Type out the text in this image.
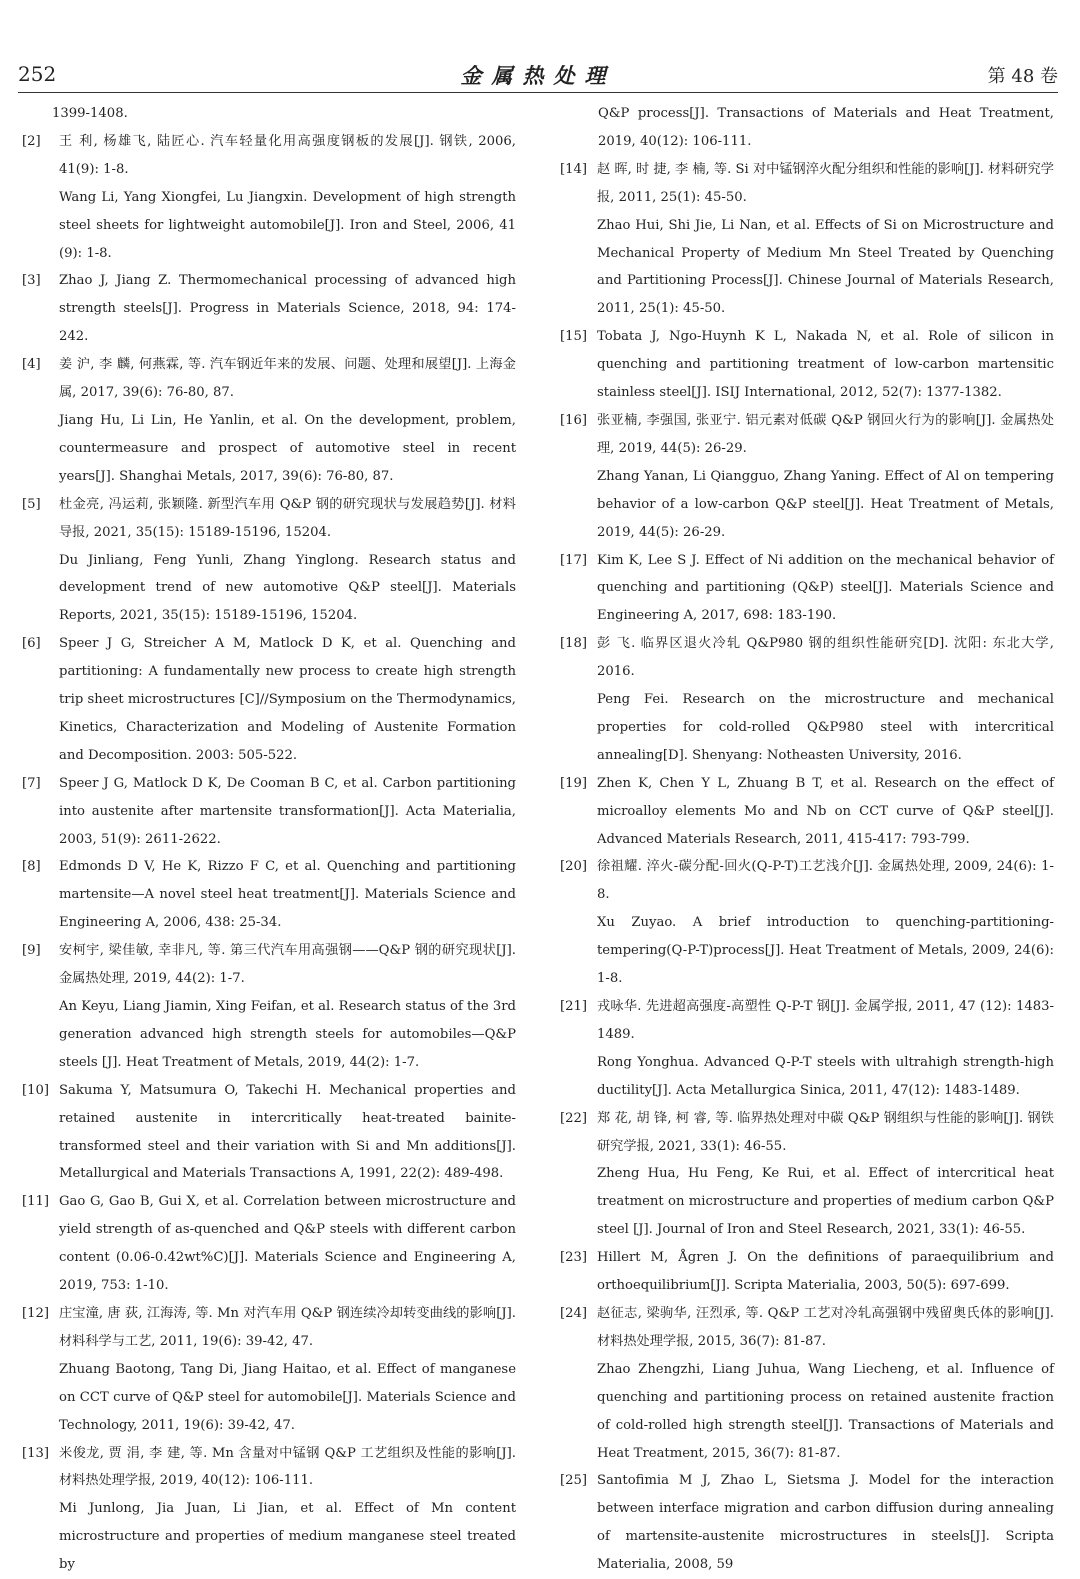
252	金属热处理	第 48 卷

1399-1408.

[2] 王 利, 杨雄飞, 陆匠心. 汽车轻量化用高强度钢板的发展[J]. 钢铁, 2006, 41(9): 1-8.

Wang Li, Yang Xiongfei, Lu Jiangxin. Development of high strength steel sheets for lightweight automobile[J]. Iron and Steel, 2006, 41 (9): 1-8.

[3] Zhao J, Jiang Z. Thermomechanical processing of advanced high strength steels[J]. Progress in Materials Science, 2018, 94: 174-242.

[4] 姜 沪, 李 麟, 何燕霖, 等. 汽车钢近年来的发展、问题、处理和展望[J]. 上海金属, 2017, 39(6): 76-80, 87.

Jiang Hu, Li Lin, He Yanlin, et al. On the development, problem, countermeasure and prospect of automotive steel in recent years[J]. Shanghai Metals, 2017, 39(6): 76-80, 87.

[5] 杜金亮, 冯运莉, 张颖隆. 新型汽车用 Q&P 钢的研究现状与发展趋势[J]. 材料导报, 2021, 35(15): 15189-15196, 15204.

Du Jinliang, Feng Yunli, Zhang Yinglong. Research status and development trend of new automotive Q&P steel[J]. Materials Reports, 2021, 35(15): 15189-15196, 15204.

[6] Speer J G, Streicher A M, Matlock D K, et al. Quenching and partitioning: A fundamentally new process to create high strength trip sheet microstructures [C]//Symposium on the Thermodynamics, Kinetics, Characterization and Modeling of Austenite Formation and Decomposition. 2003: 505-522.

[7] Speer J G, Matlock D K, De Cooman B C, et al. Carbon partitioning into austenite after martensite transformation[J]. Acta Materialia, 2003, 51(9): 2611-2622.

[8] Edmonds D V, He K, Rizzo F C, et al. Quenching and partitioning martensite—A novel steel heat treatment[J]. Materials Science and Engineering A, 2006, 438: 25-34.

[9] 安柯宇, 梁佳敏, 幸非凡, 等. 第三代汽车用高强钢——Q&P 钢的研究现状[J]. 金属热处理, 2019, 44(2): 1-7.

An Keyu, Liang Jiamin, Xing Feifan, et al. Research status of the 3rd generation advanced high strength steels for automobiles—Q&P steels [J]. Heat Treatment of Metals, 2019, 44(2): 1-7.

[10] Sakuma Y, Matsumura O, Takechi H. Mechanical properties and retained austenite in intercritically heat-treated bainite-transformed steel and their variation with Si and Mn additions[J]. Metallurgical and Materials Transactions A, 1991, 22(2): 489-498.

[11] Gao G, Gao B, Gui X, et al. Correlation between microstructure and yield strength of as-quenched and Q&P steels with different carbon content (0.06-0.42wt%C)[J]. Materials Science and Engineering A, 2019, 753: 1-10.

[12] 庄宝潼, 唐 荻, 江海涛, 等. Mn 对汽车用 Q&P 钢连续冷却转变曲线的影响[J]. 材料科学与工艺, 2011, 19(6): 39-42, 47.

Zhuang Baotong, Tang Di, Jiang Haitao, et al. Effect of manganese on CCT curve of Q&P steel for automobile[J]. Materials Science and Technology, 2011, 19(6): 39-42, 47.

[13] 米俊龙, 贾 涓, 李 建, 等. Mn 含量对中锰钢 Q&P 工艺组织及性能的影响[J]. 材料热处理学报, 2019, 40(12): 106-111.

Mi Junlong, Jia Juan, Li Jian, et al. Effect of Mn content microstructure and properties of medium manganese steel treated by

Q&P process[J]. Transactions of Materials and Heat Treatment, 2019, 40(12): 106-111.

[14] 赵 晖, 时 捷, 李 楠, 等. Si 对中锰钢淬火配分组织和性能的影响[J]. 材料研究学报, 2011, 25(1): 45-50.

Zhao Hui, Shi Jie, Li Nan, et al. Effects of Si on Microstructure and Mechanical Property of Medium Mn Steel Treated by Quenching and Partitioning Process[J]. Chinese Journal of Materials Research, 2011, 25(1): 45-50.

[15] Tobata J, Ngo-Huynh K L, Nakada N, et al. Role of silicon in quenching and partitioning treatment of low-carbon martensitic stainless steel[J]. ISIJ International, 2012, 52(7): 1377-1382.

[16] 张亚楠, 李强国, 张亚宁. 铝元素对低碳 Q&P 钢回火行为的影响[J]. 金属热处理, 2019, 44(5): 26-29.

Zhang Yanan, Li Qiangguo, Zhang Yaning. Effect of Al on tempering behavior of a low-carbon Q&P steel[J]. Heat Treatment of Metals, 2019, 44(5): 26-29.

[17] Kim K, Lee S J. Effect of Ni addition on the mechanical behavior of quenching and partitioning (Q&P) steel[J]. Materials Science and Engineering A, 2017, 698: 183-190.

[18] 彭 飞. 临界区退火冷轧 Q&P980 钢的组织性能研究[D]. 沈阳: 东北大学, 2016.

Peng Fei. Research on the microstructure and mechanical properties for cold-rolled Q&P980 steel with intercritical annealing[D]. Shenyang: Notheasten University, 2016.

[19] Zhen K, Chen Y L, Zhuang B T, et al. Research on the effect of microalloy elements Mo and Nb on CCT curve of Q&P steel[J]. Advanced Materials Research, 2011, 415-417: 793-799.

[20] 徐祖耀. 淬火-碳分配-回火(Q-P-T)工艺浅介[J]. 金属热处理, 2009, 24(6): 1-8.

Xu Zuyao. A brief introduction to quenching-partitioning-tempering(Q-P-T)process[J]. Heat Treatment of Metals, 2009, 24(6): 1-8.

[21] 戎咏华. 先进超高强度-高塑性 Q-P-T 钢[J]. 金属学报, 2011, 47 (12): 1483-1489.

Rong Yonghua. Advanced Q-P-T steels with ultrahigh strength-high ductility[J]. Acta Metallurgica Sinica, 2011, 47(12): 1483-1489.

[22] 郑 花, 胡 锋, 柯 睿, 等. 临界热处理对中碳 Q&P 钢组织与性能的影响[J]. 钢铁研究学报, 2021, 33(1): 46-55.

Zheng Hua, Hu Feng, Ke Rui, et al. Effect of intercritical heat treatment on microstructure and properties of medium carbon Q&P steel [J]. Journal of Iron and Steel Research, 2021, 33(1): 46-55.

[23] Hillert M, Ågren J. On the definitions of paraequilibrium and orthoequilibrium[J]. Scripta Materialia, 2003, 50(5): 697-699.

[24] 赵征志, 梁驹华, 汪烈承, 等. Q&P 工艺对冷轧高强钢中残留奥氏体的影响[J]. 材料热处理学报, 2015, 36(7): 81-87.

Zhao Zhengzhi, Liang Juhua, Wang Liecheng, et al. Influence of quenching and partitioning process on retained austenite fraction of cold-rolled high strength steel[J]. Transactions of Materials and Heat Treatment, 2015, 36(7): 81-87.

[25] Santofimia M J, Zhao L, Sietsma J. Model for the interaction between interface migration and carbon diffusion during annealing of martensite-austenite microstructures in steels[J]. Scripta Materialia, 2008, 59
